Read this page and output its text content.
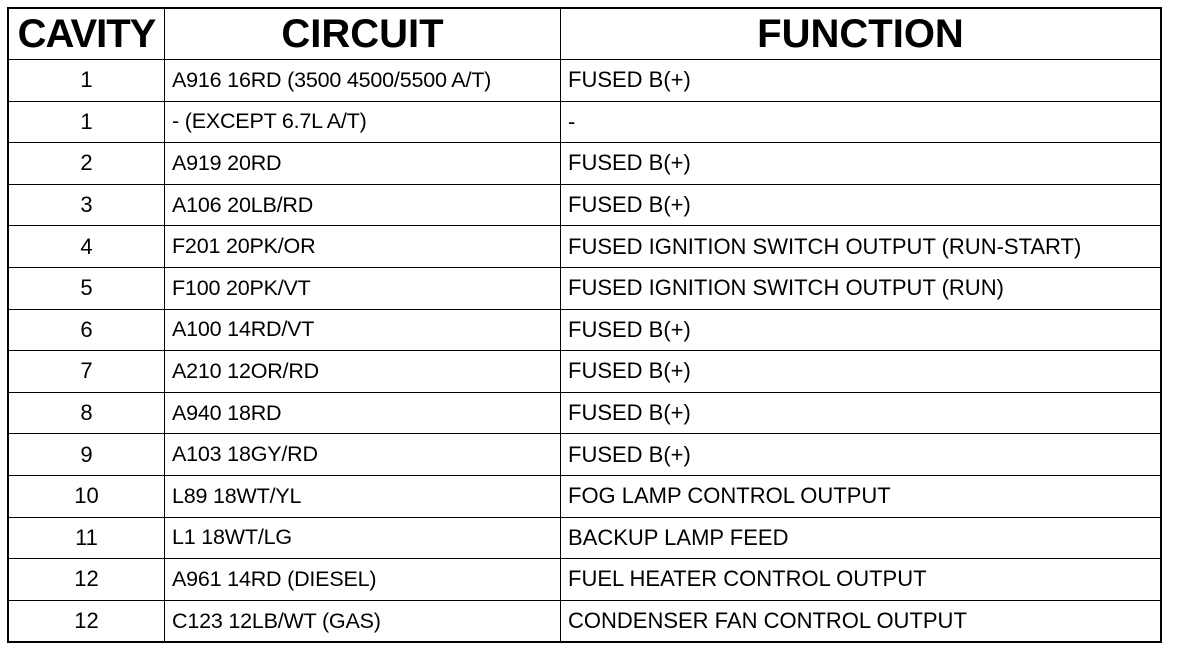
CAVITY	CIRCUIT	FUNCTION
1	A916 16RD (3500 4500/5500 A/T)	FUSED B(+)
1	- (EXCEPT 6.7L A/T)	-
2	A919 20RD	FUSED B(+)
3	A106 20LB/RD	FUSED B(+)
4	F201 20PK/OR	FUSED IGNITION SWITCH OUTPUT (RUN-START)
5	F100 20PK/VT	FUSED IGNITION SWITCH OUTPUT (RUN)
6	A100 14RD/VT	FUSED B(+)
7	A210 12OR/RD	FUSED B(+)
8	A940 18RD	FUSED B(+)
9	A103 18GY/RD	FUSED B(+)
10	L89 18WT/YL	FOG LAMP CONTROL OUTPUT
11	L1 18WT/LG	BACKUP LAMP FEED
12	A961 14RD (DIESEL)	FUEL HEATER CONTROL OUTPUT
12	C123 12LB/WT (GAS)	CONDENSER FAN CONTROL OUTPUT
